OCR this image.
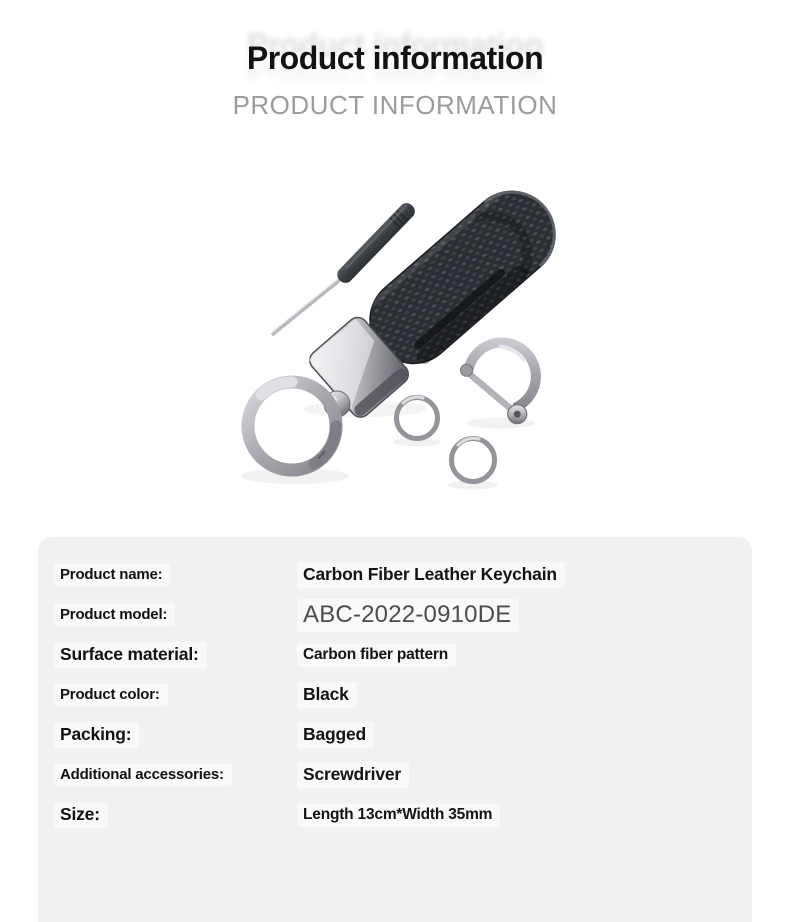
Product information
PRODUCT INFORMATION
Product name:	Carbon Fiber Leather Keychain
Product model:	ABC-2022-0910DE
Surface material:	Carbon fiber pattern
Product color:	Black
Packing:	Bagged
Additional accessories:	Screwdriver
Size:	Length 13cm*Width 35mm
